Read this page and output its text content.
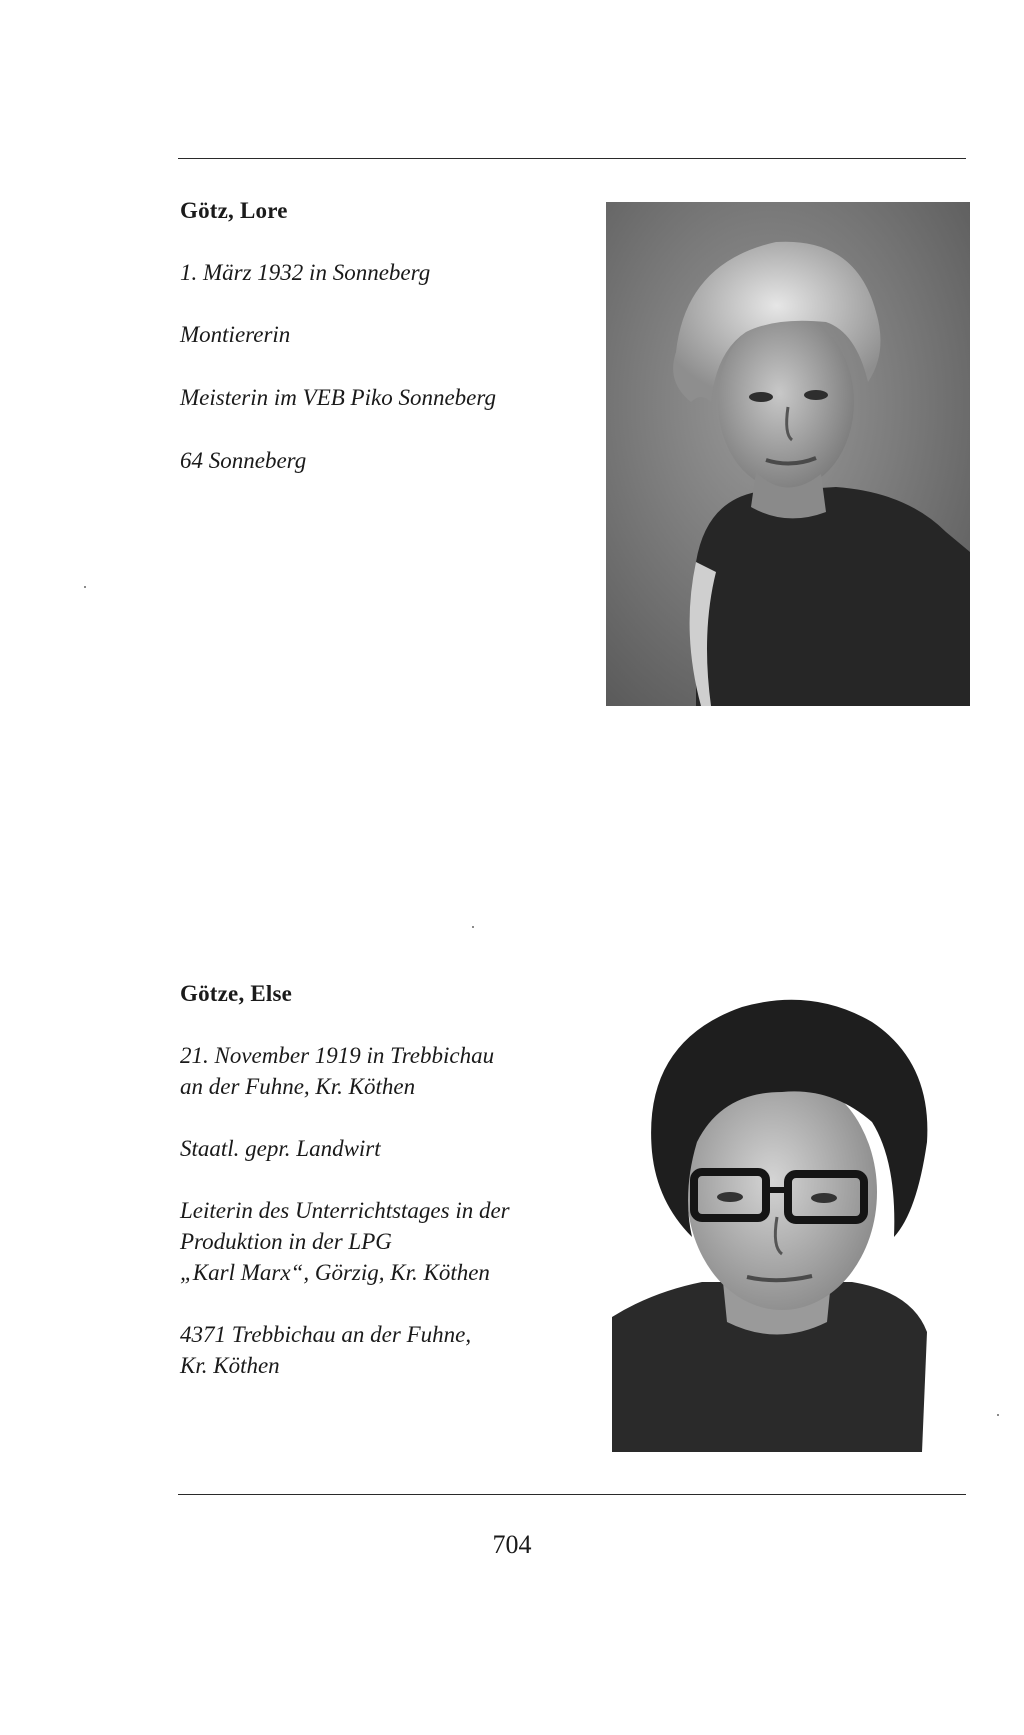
Götz, Lore
1. März 1932 in Sonneberg
Montiererin
Meisterin im VEB Piko Sonneberg
64 Sonneberg
Götze, Else
21. November 1919 in Trebbichau
an der Fuhne, Kr. Köthen
Staatl. gepr. Landwirt
Leiterin des Unterrichtstages in der
Produktion in der LPG
„Karl Marx“, Görzig, Kr. Köthen
4371 Trebbichau an der Fuhne,
Kr. Köthen
704
